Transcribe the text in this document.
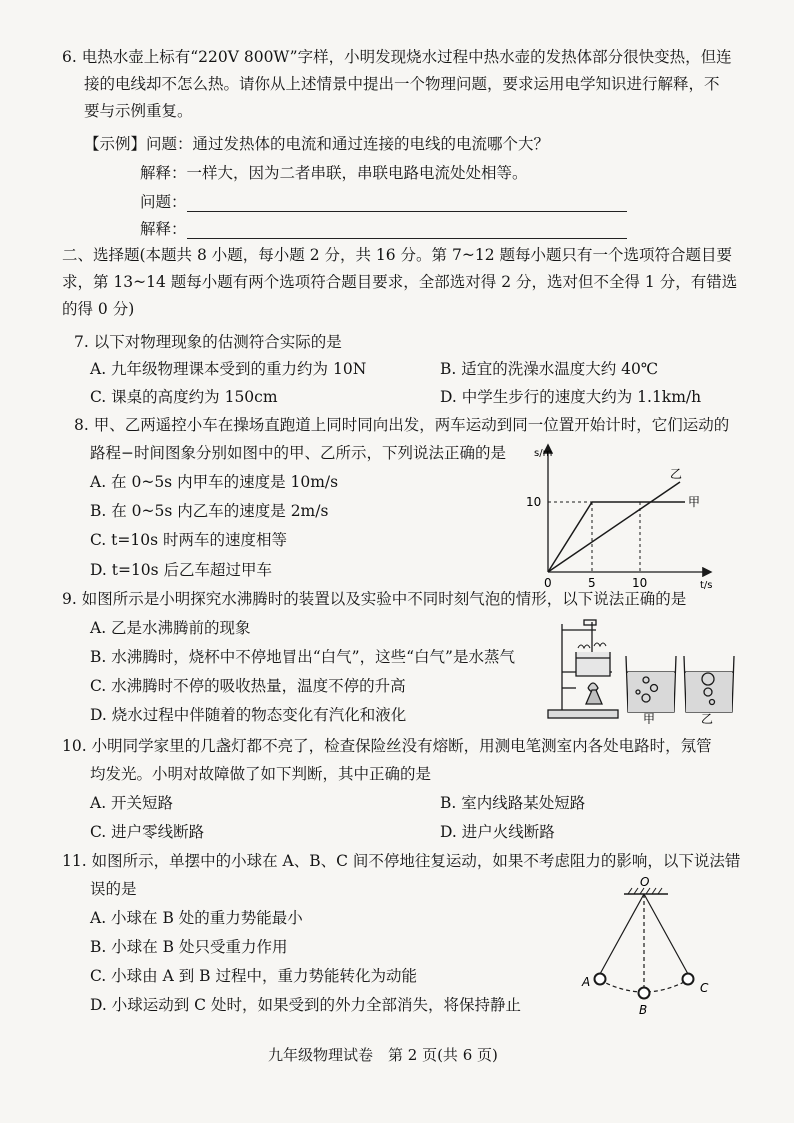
6. 电热水壶上标有“220V 800W”字样，小明发现烧水过程中热水壶的发热体部分很快变热，但连
接的电线却不怎么热。请你从上述情景中提出一个物理问题，要求运用电学知识进行解释，不
要与示例重复。
【示例】问题：通过发热体的电流和通过连接的电线的电流哪个大？
解释：一样大，因为二者串联，串联电路电流处处相等。
问题：
解释：
二、选择题(本题共 8 小题，每小题 2 分，共 16 分。第 7~12 题每小题只有一个选项符合题目要
求，第 13~14 题每小题有两个选项符合题目要求，全部选对得 2 分，选对但不全得 1 分，有错选
的得 0 分)
7. 以下对物理现象的估测符合实际的是
A. 九年级物理课本受到的重力约为 10N	B. 适宜的洗澡水温度大约 40℃
C. 课桌的高度约为 150cm	D. 中学生步行的速度大约为 1.1km/h
8. 甲、乙两遥控小车在操场直跑道上同时同向出发，两车运动到同一位置开始计时，它们运动的
路程−时间图象分别如图中的甲、乙所示，下列说法正确的是
A. 在 0~5s 内甲车的速度是 10m/s
B. 在 0~5s 内乙车的速度是 2m/s
C. t=10s 时两车的速度相等
D. t=10s 后乙车超过甲车
s/m
t/s
10
0	5	10
甲
乙
9. 如图所示是小明探究水沸腾时的装置以及实验中不同时刻气泡的情形，以下说法正确的是
A. 乙是水沸腾前的现象
B. 水沸腾时，烧杯中不停地冒出“白气”，这些“白气”是水蒸气
C. 水沸腾时不停的吸收热量，温度不停的升高
D. 烧水过程中伴随着的物态变化有汽化和液化	甲	乙
10. 小明同学家里的几盏灯都不亮了，检查保险丝没有熔断，用测电笔测室内各处电路时，氖管
均发光。小明对故障做了如下判断，其中正确的是
A. 开关短路	B. 室内线路某处短路
C. 进户零线断路	D. 进户火线断路
11. 如图所示，单摆中的小球在 A、B、C 间不停地往复运动，如果不考虑阻力的影响，以下说法错
误的是
A. 小球在 B 处的重力势能最小
B. 小球在 B 处只受重力作用
C. 小球由 A 到 B 过程中，重力势能转化为动能
D. 小球运动到 C 处时，如果受到的外力全部消失，将保持静止
O
A
B
C
九年级物理试卷　第 2 页(共 6 页)
